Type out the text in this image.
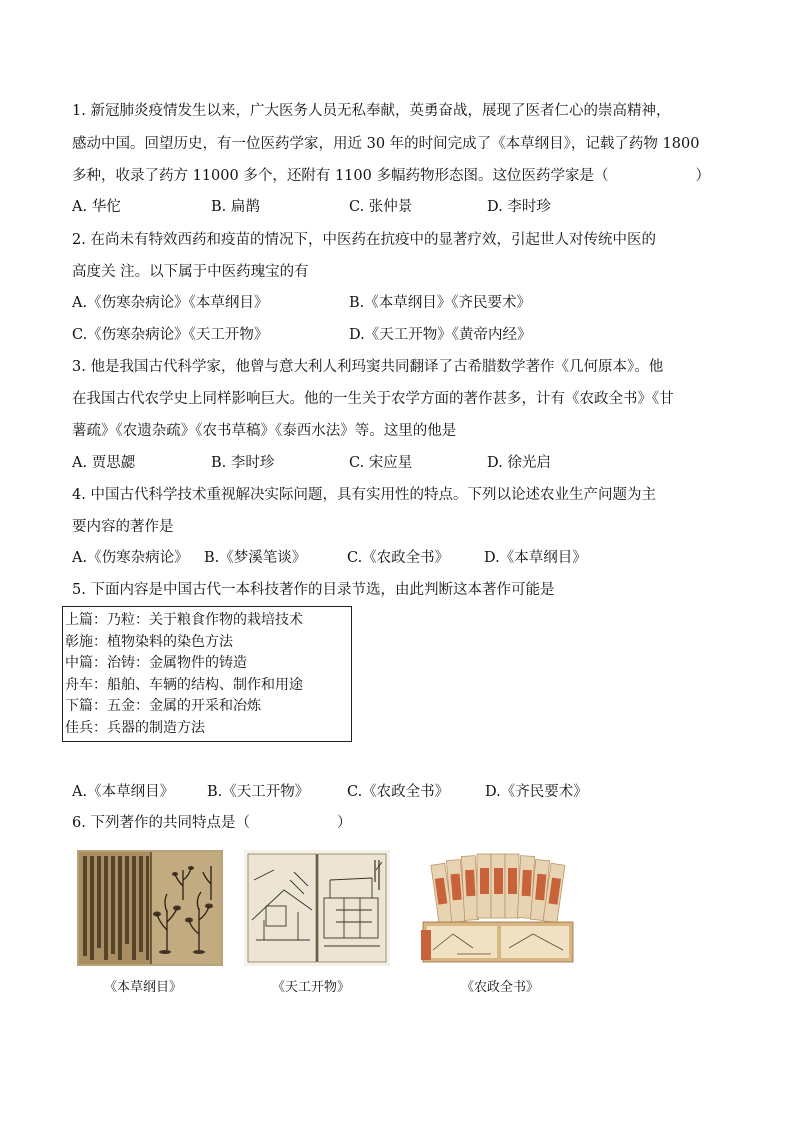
1. 新冠肺炎疫情发生以来，广大医务人员无私奉献，英勇奋战，展现了医者仁心的崇高精神，
感动中国。回望历史，有一位医药学家，用近 30 年的时间完成了《本草纲目》，记载了药物 1800
多种，收录了药方 11000 多个，还附有 1100 多幅药物形态图。这位医药学家是（　　　　　　）
A. 华佗	B. 扁鹊	C. 张仲景	D. 李时珍
2. 在尚未有特效西药和疫苗的情况下，中医药在抗疫中的显著疗效，引起世人对传统中医的
高度关 注。以下属于中医药瑰宝的有
A.《伤寒杂病论》《本草纲目》	B.《本草纲目》《齐民要术》
C.《伤寒杂病论》《天工开物》	D.《天工开物》《黄帝内经》
3. 他是我国古代科学家，他曾与意大利人利玛窦共同翻译了古希腊数学著作《几何原本》。他
在我国古代农学史上同样影响巨大。他的一生关于农学方面的著作甚多，计有《农政全书》《甘
薯疏》《农遗杂疏》《农书草稿》《泰西水法》等。这里的他是
A. 贾思勰	B. 李时珍	C. 宋应星	D. 徐光启
4. 中国古代科学技术重视解决实际问题，具有实用性的特点。下列以论述农业生产问题为主
要内容的著作是
A.《伤寒杂病论》 B.《梦溪笔谈》	C.《农政全书》 D.《本草纲目》
5. 下面内容是中国古代一本科技著作的目录节选，由此判断这本著作可能是
上篇：乃粒：关于粮食作物的栽培技术
彰施：植物染料的染色方法
中篇：治铸：金属物件的铸造
舟车：船舶、车辆的结构、制作和用途
下篇：五金：金属的开采和冶炼
佳兵：兵器的制造方法
A.《本草纲目》 B.《天工开物》	C.《农政全书》 D.《齐民要术》
6. 下列著作的共同特点是（　　　　　　）
《本草纲目》	《天工开物》	《农政全书》
